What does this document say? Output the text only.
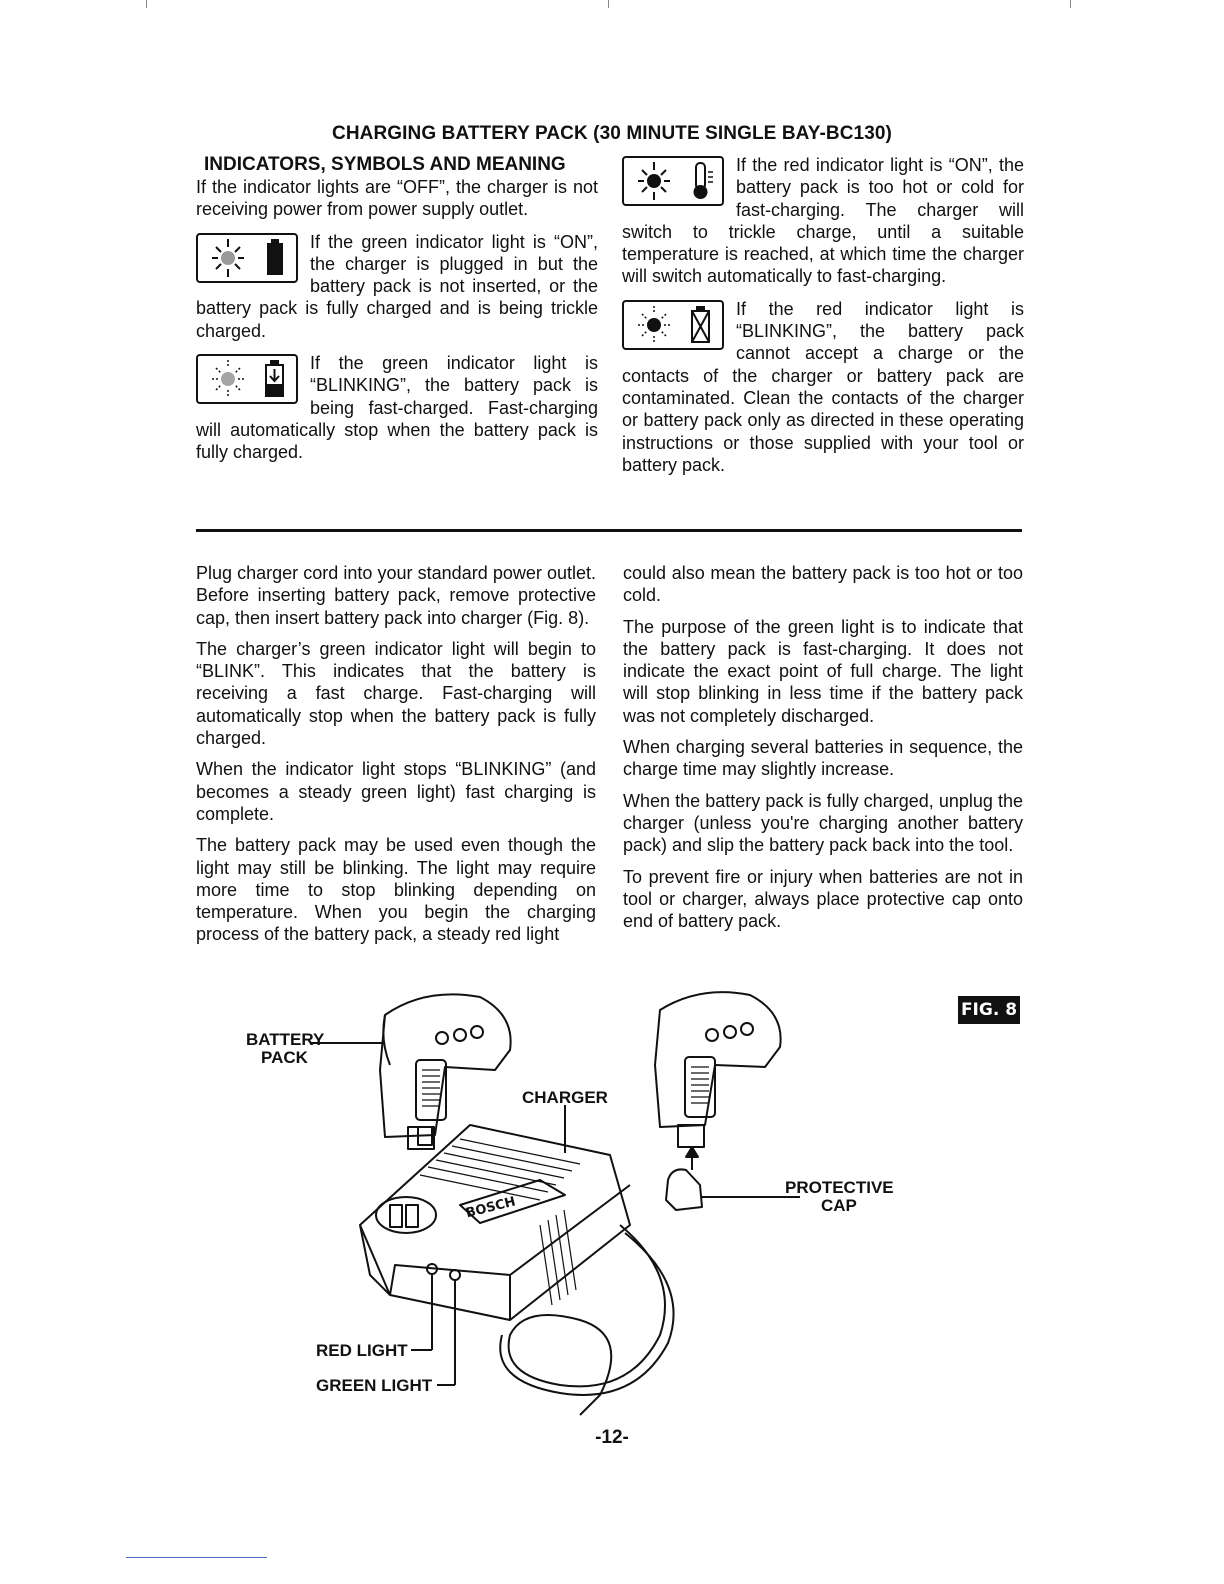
CHARGING BATTERY PACK (30 MINUTE SINGLE BAY-BC130)
INDICATORS, SYMBOLS AND MEANING

If the indicator lights are “OFF”, the charger is not receiving power from power supply outlet.

If the green indicator light is “ON”, the charger is plugged in but the battery pack is not inserted, or the battery pack is fully charged and is being trickle charged.

If the green indicator light is “BLINKING”, the battery pack is being fast-charged. Fast-charging will automatically stop when the battery pack is fully charged.

If the red indicator light is “ON”, the battery pack is too hot or cold for fast-charging. The charger will switch to trickle charge, until a suitable temperature is reached, at which time the charger will switch automatically to fast-charging.

If the red indicator light is “BLINKING”, the battery pack cannot accept a charge or the contacts of the charger or battery pack are contaminated. Clean the contacts of the charger or battery pack only as directed in these operating instructions or those supplied with your tool or battery pack.

Plug charger cord into your standard power outlet. Before inserting battery pack, remove protective cap, then insert battery pack into charger (Fig. 8).

The charger’s green indicator light will begin to “BLINK”. This indicates that the battery is receiving a fast charge. Fast-charging will automatically stop when the battery pack is fully charged.

When the indicator light stops “BLINKING” (and becomes a steady green light) fast charging is complete.

The battery pack may be used even though the light may still be blinking. The light may require more time to stop blinking depending on temperature. When you begin the charging process of the battery pack, a steady red light

could also mean the battery pack is too hot or too cold.

The purpose of the green light is to indicate that the battery pack is fast-charging. It does not indicate the exact point of full charge. The light will stop blinking in less time if the battery pack was not completely discharged.

When charging several batteries in sequence, the charge time may slightly increase.

When the battery pack is fully charged, unplug the charger (unless you're charging another battery pack) and slip the battery pack back into the tool.

To prevent fire or injury when batteries are not in tool or charger, always place protective cap onto end of battery pack.

FIG. 8
BOSCH
BATTERY
PACK
CHARGER
PROTECTIVE
CAP
RED LIGHT
GREEN LIGHT
-12-
